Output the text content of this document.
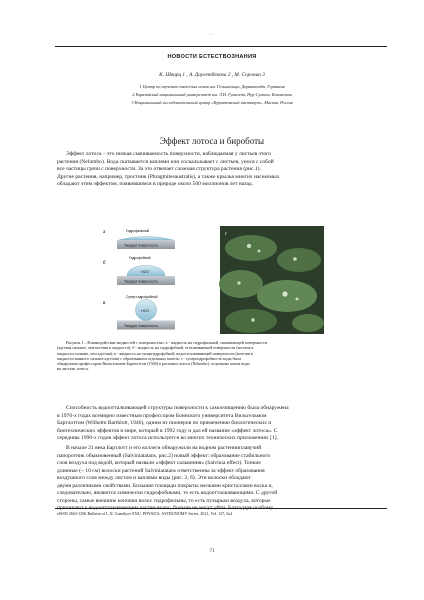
—
НОВОСТИ ЕСТЕСТВОЗНАНИЯ
К. Шварц 1 , А. Даулетбекова 2 , М. Соронин 3
1 Центр по изучению тяжёлых ионов им. Гельмгольца, Дармштадт, Германия
2 Евразийский национальный университет им. Л.Н. Гумилева, Нур-Султан, Казахстан
3 Национальный исследовательский центр «Курчатовский институт», Москва, Россия
Эффект лотоса и бироботы
Эффект лотоса – это низкая смачиваемость поверхности, наблюдаемая у листьев этого
растения (Nelumbo). Вода скатывается каплями или соскальзывает с листьев, унося с собой
все частицы грязи с поверхности. За это отвечает сложная структура растения (рис.1).
Другие растения, например, тростник (Phragmitesaustralis), а также крылья многих насекомых
обладают этим эффектом, появившимся в природе около 500 миллионов лет назад.
а	Гидрофильный
Твердая поверхность
б
Гидрофобный
H2O
Твердая поверхность
в
Супер гидрофобный
H2O
Твердая поверхность
г
Рисунок 1 – Взаимодействие жидкостей с поверхностью: а - жидкость на гидрофильной, смачивающей поверхности
(адгезия сильнее, чем когезия в жидкости); б - жидкость на гидрофобной, отталкивающей поверхности (когезия в
жидкости сильнее, чем адгезия); в - жидкость на супергидрофобной, водоотталкивающей поверхности (когезия в
жидкости намного сильнее адгезии) с образованием отдельных капель; г - супергидрофобность воды была
обнаружена профессором Вильгельмом Бартлоттом (1946) в растении лотоса (Nelumbo): отдельные капли воды
на листьях лотоса.
Способность водоотталкивающей структуры поверхности к самоочищению была обнаружена
в 1970-х годах всемирно известным профессором Боннского университета Вильгельмом
Бартлоттом (Wilhelm Barthlott, 1946), одним из пионеров по применению биологических и
биотехнических эффектов в мире, который в 1992 году и дал ей название «эффект лотоса». С
середины 1990-х годов эффект лотоса используется во многих технических приложениях [1].
В начале 21 века Бартлотт и его коллеги обнаружили на водном растенииплавучий
папоротник обыкновенный (Salviniatatans, рис.2) новый эффект: образование стабильного
слоя воздуха под водой, который назвали «эффект сальвиния» (Salvinia effect). Тонкие
длинные (~ 10 см) волоски растений Salviniatatans ответственны за эффект образования
воздушного слоя между листом и каплями воды (рис. 2, б). Эти волоски обладают
двумя различными свойствами. Большие площади покрыты мелкими кристаллами воска и,
следовательно, являются химически гидрофобными, то есть водоотталкивающими. С другой
стороны, самые внешние кончики волос гидрофильны, то есть пузырьки воздуха, которые
прилипают к водоотталкивающим частям волос, больше не могут уйти. Благодаря особому
eISSN 2663-1296 Bulletin of L.N. Gumilyov ENU. PHYSICS. ASTRONOMY Series, 2021, Vol. 137, №4
71
